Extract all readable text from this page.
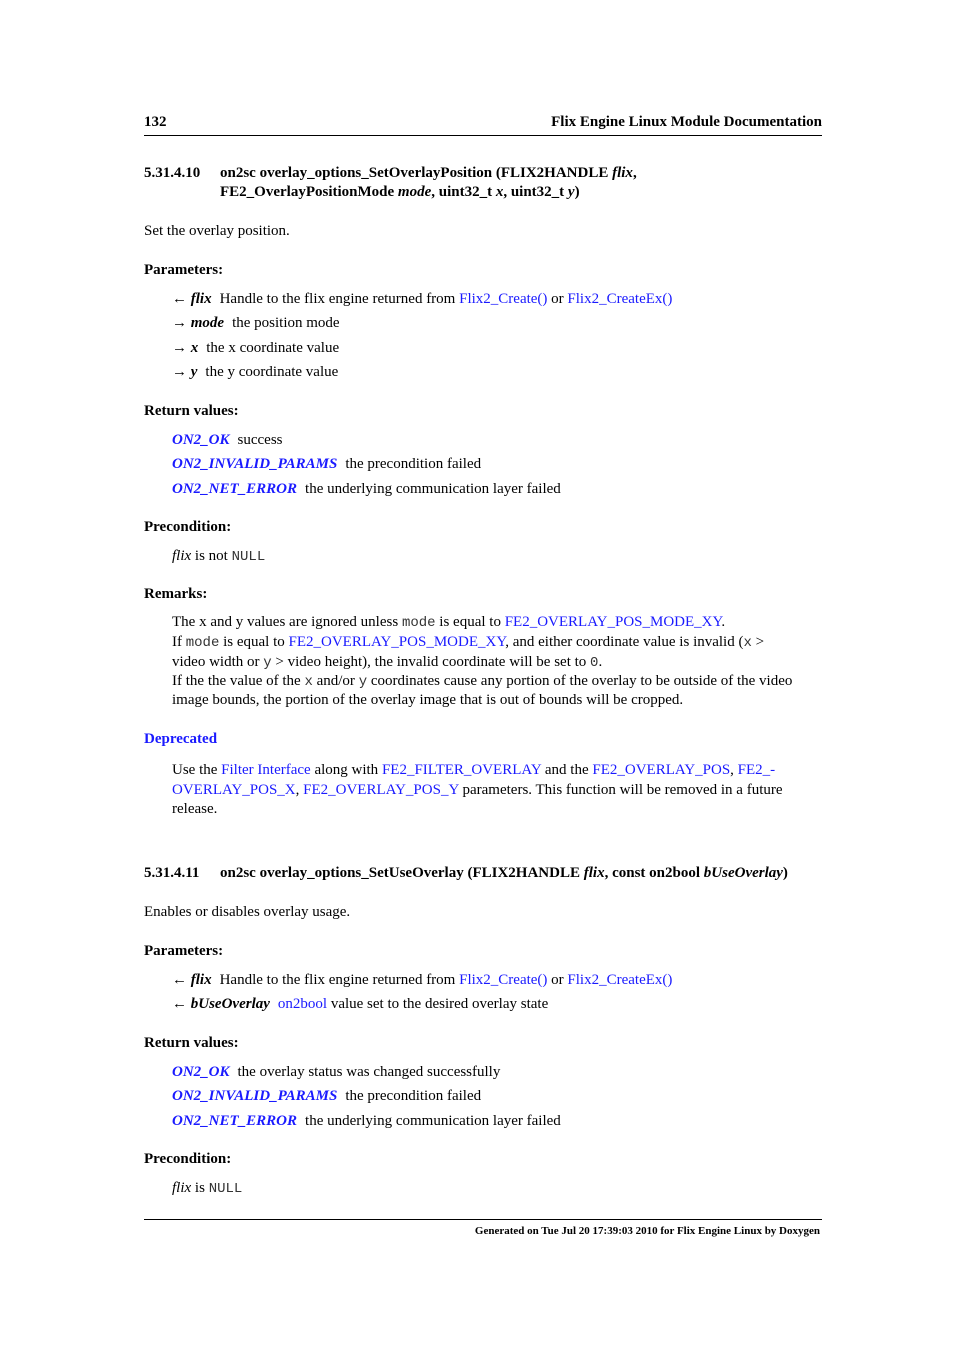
132	Flix Engine Linux Module Documentation
5.31.4.10 on2sc overlay_options_SetOverlayPosition (FLIX2HANDLE flix,
FE2_OverlayPositionMode mode, uint32_t x, uint32_t y)
Set the overlay position.
Parameters:
← flix Handle to the flix engine returned from Flix2_Create() or Flix2_CreateEx()
→ mode the position mode
→ x the x coordinate value
→ y the y coordinate value
Return values:
ON2_OK success
ON2_INVALID_PARAMS the precondition failed
ON2_NET_ERROR the underlying communication layer failed
Precondition:
flix is not NULL
Remarks:
The x and y values are ignored unless mode is equal to FE2_OVERLAY_POS_MODE_XY.
If mode is equal to FE2_OVERLAY_POS_MODE_XY, and either coordinate value is invalid (x >
video width or y > video height), the invalid coordinate will be set to 0.
If the the value of the x and/or y coordinates cause any portion of the overlay to be outside of the video
image bounds, the portion of the overlay image that is out of bounds will be cropped.
Deprecated
Use the Filter Interface along with FE2_FILTER_OVERLAY and the FE2_OVERLAY_POS, FE2_-
OVERLAY_POS_X, FE2_OVERLAY_POS_Y parameters. This function will be removed in a future
release.
5.31.4.11 on2sc overlay_options_SetUseOverlay (FLIX2HANDLE flix, const on2bool bUseOverlay)
Enables or disables overlay usage.
Parameters:
← flix Handle to the flix engine returned from Flix2_Create() or Flix2_CreateEx()
← bUseOverlay on2bool value set to the desired overlay state
Return values:
ON2_OK the overlay status was changed successfully
ON2_INVALID_PARAMS the precondition failed
ON2_NET_ERROR the underlying communication layer failed
Precondition:
flix is NULL
Generated on Tue Jul 20 17:39:03 2010 for Flix Engine Linux by Doxygen
